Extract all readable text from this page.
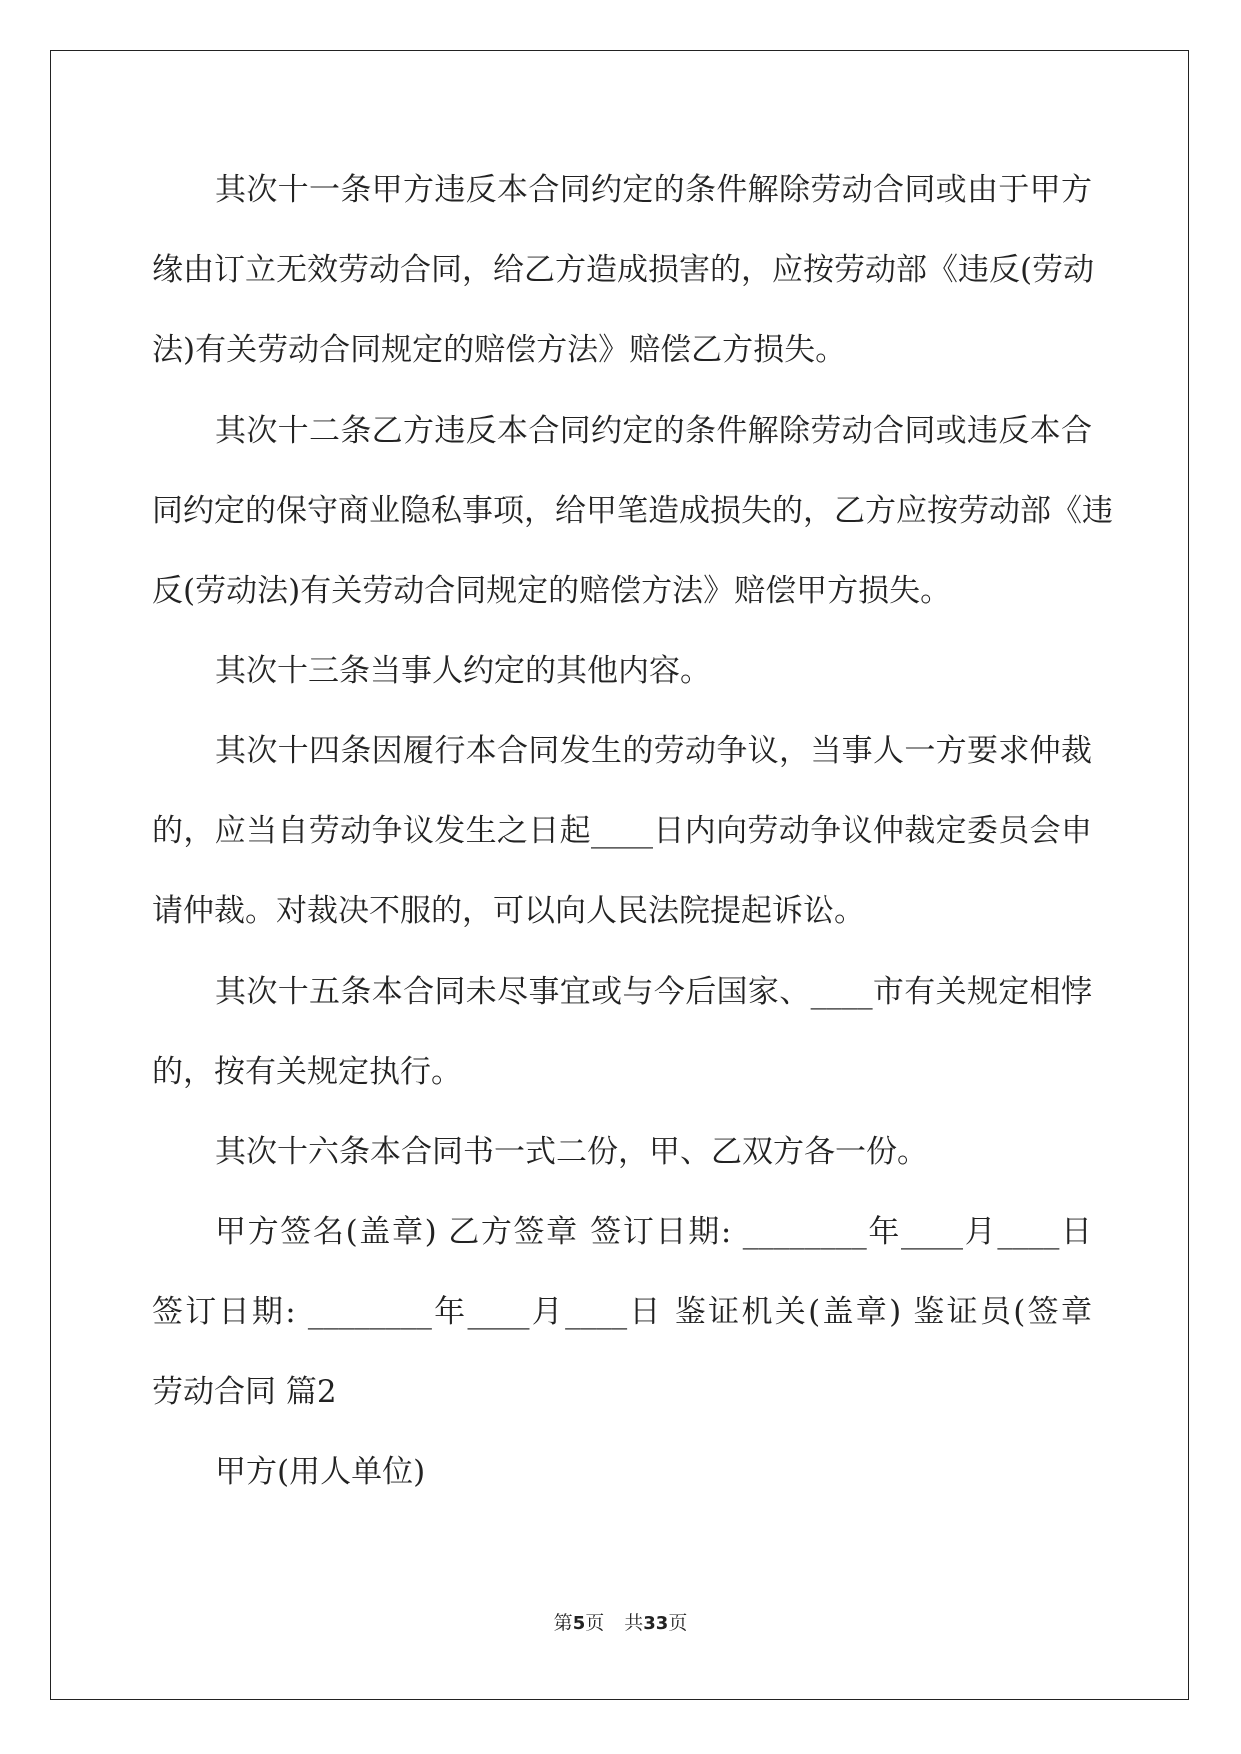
其次十一条甲方违反本合同约定的条件解除劳动合同或由于甲方
缘由订立无效劳动合同，给乙方造成损害的，应按劳动部《违反(劳动
法)有关劳动合同规定的赔偿方法》赔偿乙方损失。
其次十二条乙方违反本合同约定的条件解除劳动合同或违反本合
同约定的保守商业隐私事项，给甲笔造成损失的，乙方应按劳动部《违
反(劳动法)有关劳动合同规定的赔偿方法》赔偿甲方损失。
其次十三条当事人约定的其他内容。
其次十四条因履行本合同发生的劳动争议，当事人一方要求仲裁
的，应当自劳动争议发生之日起____日内向劳动争议仲裁定委员会申
请仲裁。对裁决不服的，可以向人民法院提起诉讼。
其次十五条本合同未尽事宜或与今后国家、____市有关规定相悖
的，按有关规定执行。
其次十六条本合同书一式二份，甲、乙双方各一份。
甲方签名(盖章) 乙方签章 签订日期: ________年____月____日
签订日期: ________年____月____日 鉴证机关(盖章) 鉴证员(签章
劳动合同 篇2
甲方(用人单位)
第5页 共33页
